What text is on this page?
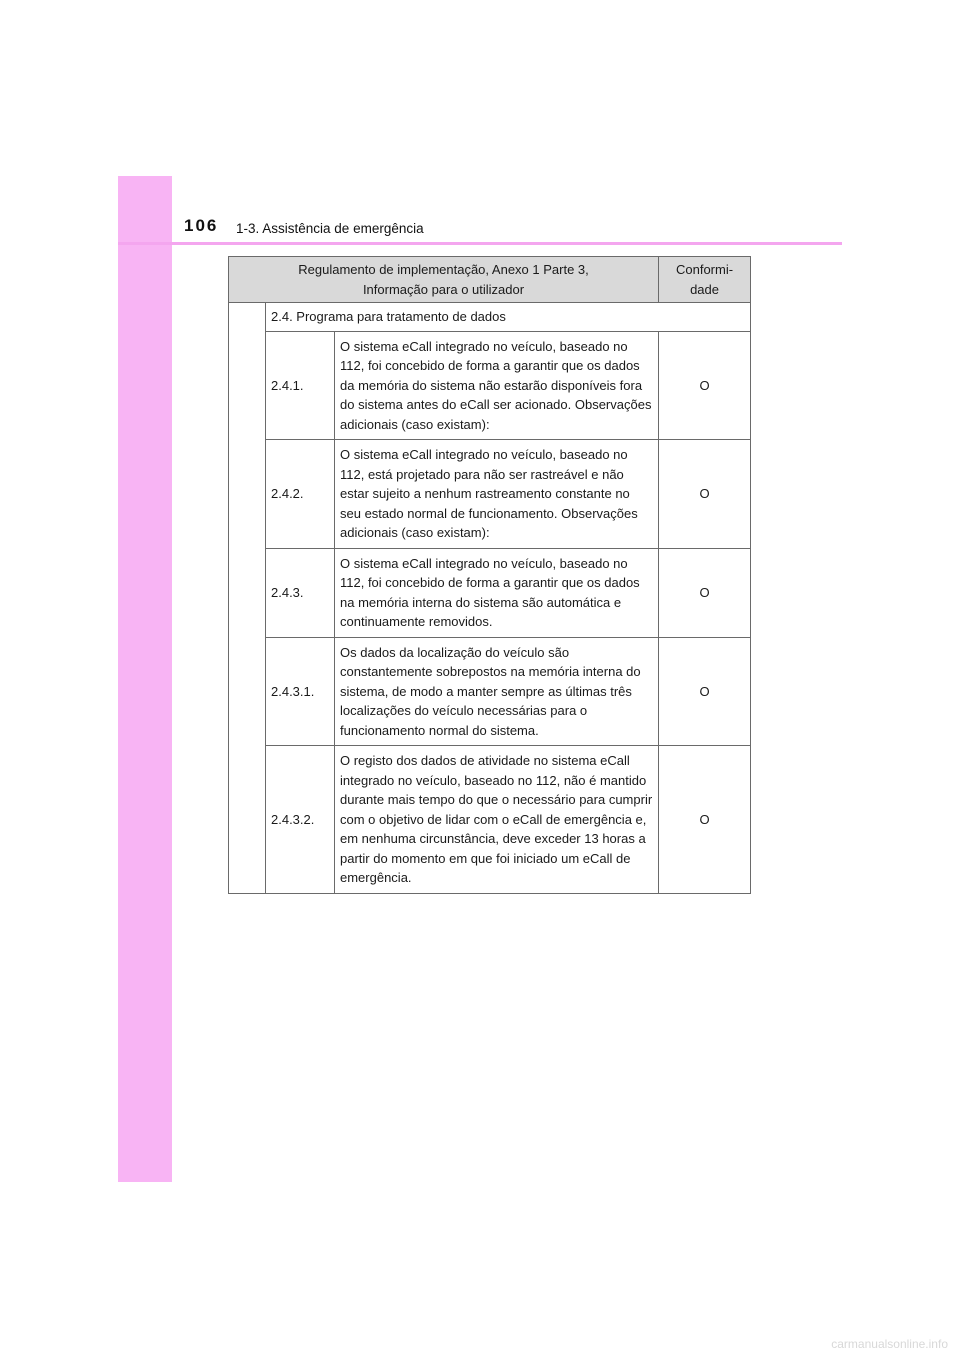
106 1-3. Assistência de emergência
Regulamento de implementação, Anexo 1 Parte 3,
Informação para o utilizador			Conformi-
dade
	2.4. Programa para tratamento de dados		
	2.4.1.	O sistema eCall integrado no veículo, baseado no 112, foi concebido de forma a garantir que os dados da memória do sistema não estarão disponíveis fora do sistema antes do eCall ser acionado. Observações adicionais (caso existam):	O
	2.4.2.	O sistema eCall integrado no veículo, baseado no 112, está projetado para não ser rastreável e não estar sujeito a nenhum rastreamento constante no seu estado normal de funcionamento. Observações adicionais (caso existam):	O
	2.4.3.	O sistema eCall integrado no veículo, baseado no 112, foi concebido de forma a garantir que os dados na memória interna do sistema são automática e continuamente removidos.	O
	2.4.3.1.	Os dados da localização do veículo são constantemente sobrepostos na memória interna do sistema, de modo a manter sempre as últimas três localizações do veículo necessárias para o funcionamento normal do sistema.	O
	2.4.3.2.	O registo dos dados de atividade no sistema eCall integrado no veículo, baseado no 112, não é mantido durante mais tempo do que o necessário para cumprir com o objetivo de lidar com o eCall de emergência e, em nenhuma circunstância, deve exceder 13 horas a partir do momento em que foi iniciado um eCall de emergência.	O
carmanualsonline.info
